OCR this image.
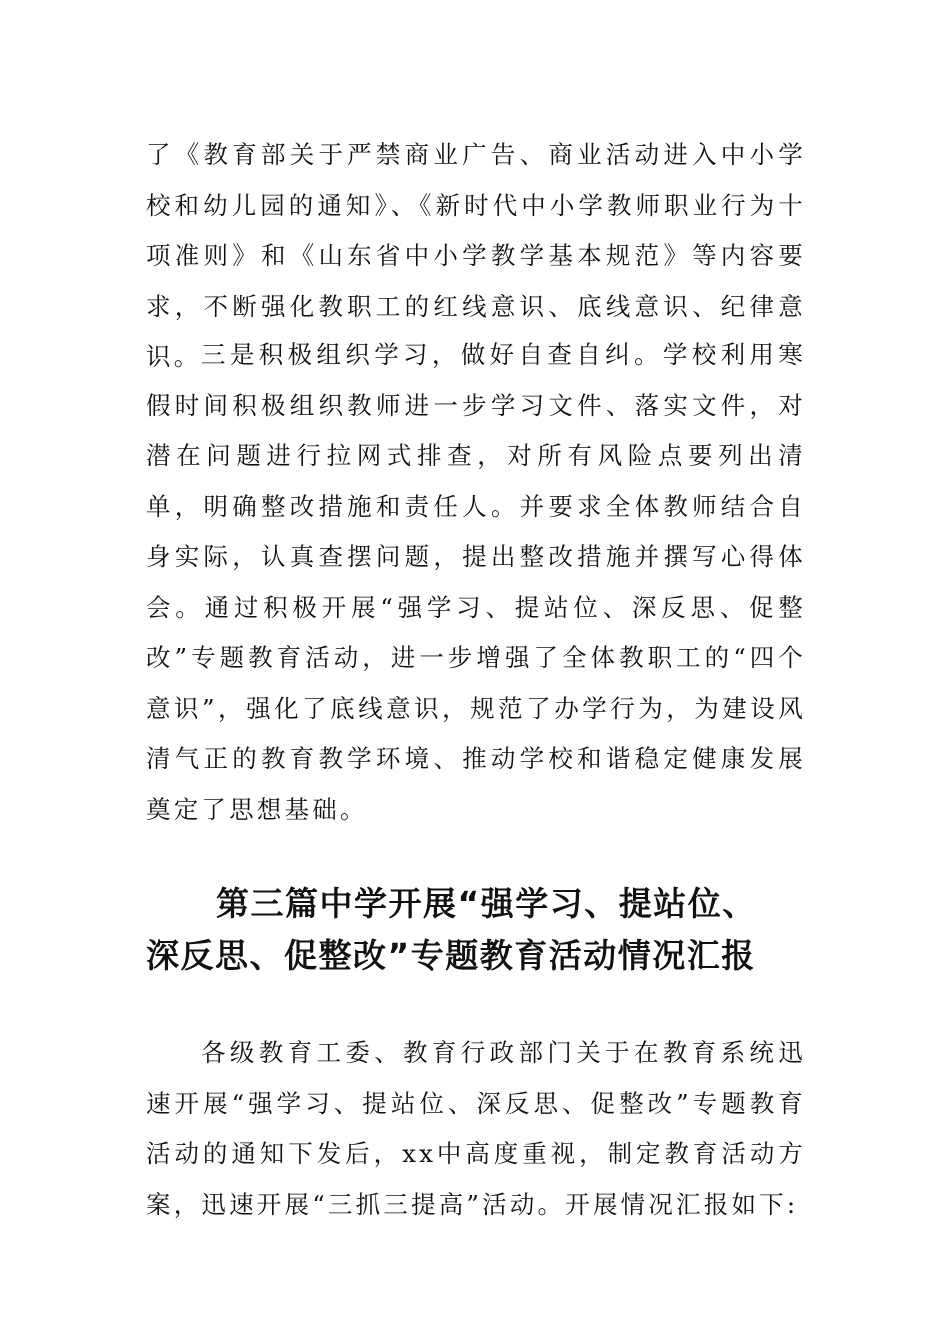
了《教育部关于严禁商业广告、商业活动进入中小学校和幼儿园的通知》、《新时代中小学教师职业行为十项准则》和《山东省中小学教学基本规范》等内容要求，不断强化教职工的红线意识、底线意识、纪律意识。 三是积极组织学习，做好自查自纠。学校利用寒假时间积极组织教师进一步学习文件、落实文件，对潜在问题进行拉网式排查，对所有风险点要列出清单，明确整改措施和责任人。并要求全体教师结合自身实际，认真查摆问题，提出整改措施并撰写心得体会。通过积极开展“强学习、提站位、深反思、促整改”专题教育活动，进一步增强了全体教职工的“四个意识”，强化了底线意识，规范了办学行为，为建设风清气正的教育教学环境、推动学校和谐稳定健康发展奠定了思想基础。

第三篇中学开展“强学习、提站位、
深反思、促整改”专题教育活动情况汇报

各级教育工委、教育行政部门关于在教育系统迅速开展“强学习、提站位、深反思、促整改”专题教育活动的通知下发后，xx中高度重视，制定教育活动方案，迅速开展“三抓三提高”活动。开展情况汇报如下:
